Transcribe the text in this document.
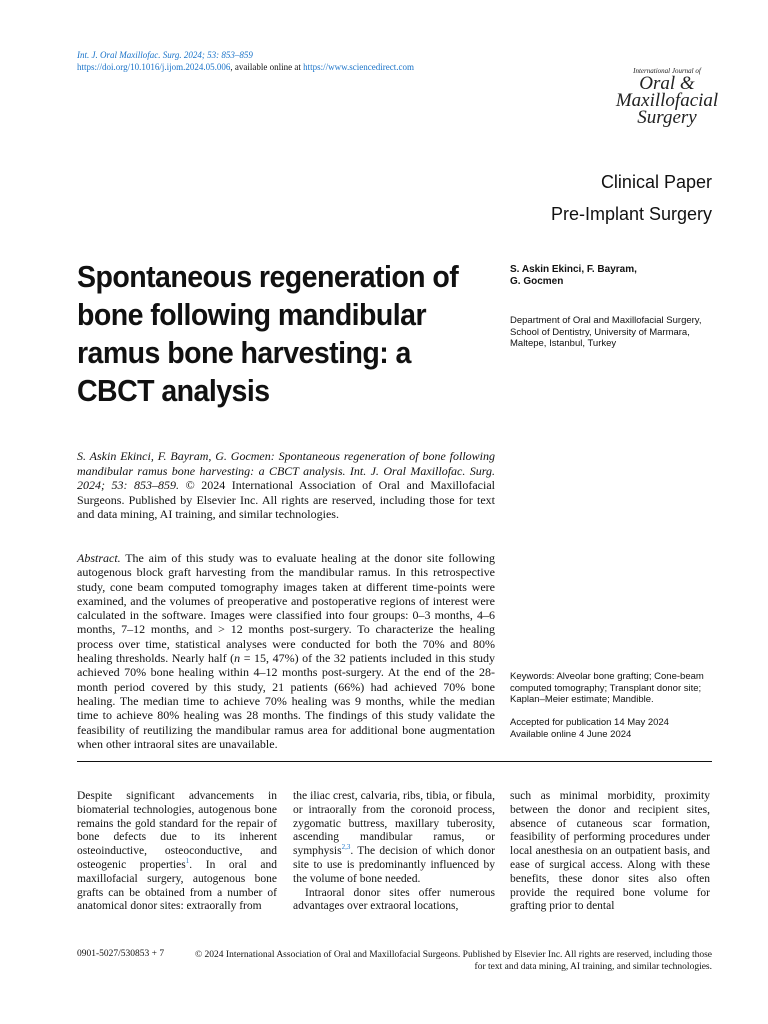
Int. J. Oral Maxillofac. Surg. 2024; 53: 853–859
https://doi.org/10.1016/j.ijom.2024.05.006, available online at https://www.sciencedirect.com	International Journal of
Oral &
Maxillofacial
Surgery
Clinical Paper
Pre-Implant Surgery
Spontaneous regeneration of bone following mandibular ramus bone harvesting: a CBCT analysis
S. Askin Ekinci, F. Bayram,
G. Gocmen
Department of Oral and Maxillofacial Surgery, School of Dentistry, University of Marmara, Maltepe, Istanbul, Turkey
S. Askin Ekinci, F. Bayram, G. Gocmen: Spontaneous regeneration of bone following mandibular ramus bone harvesting: a CBCT analysis. Int. J. Oral Maxillofac. Surg. 2024; 53: 853–859. © 2024 International Association of Oral and Maxillofacial Surgeons. Published by Elsevier Inc. All rights are reserved, including those for text and data mining, AI training, and similar technologies.
Abstract. The aim of this study was to evaluate healing at the donor site following autogenous block graft harvesting from the mandibular ramus. In this retrospective study, cone beam computed tomography images taken at different time-points were examined, and the volumes of preoperative and postoperative regions of interest were calculated in the software. Images were classified into four groups: 0–3 months, 4–6 months, 7–12 months, and > 12 months post-surgery. To characterize the healing process over time, statistical analyses were conducted for both the 70% and 80% healing thresholds. Nearly half (n = 15, 47%) of the 32 patients included in this study achieved 70% bone healing within 4–12 months post-surgery. At the end of the 28-month period covered by this study, 21 patients (66%) had achieved 70% bone healing. The median time to achieve 70% healing was 9 months, while the median time to achieve 80% healing was 28 months. The findings of this study validate the feasibility of reutilizing the mandibular ramus area for additional bone augmentation when other intraoral sites are unavailable.
Keywords: Alveolar bone grafting; Cone-beam computed tomography; Transplant donor site; Kaplan–Meier estimate; Mandible.
Accepted for publication 14 May 2024
Available online 4 June 2024

Despite significant advancements in biomaterial technologies, autogenous bone remains the gold standard for the repair of bone defects due to its inherent osteoinductive, osteoconductive, and osteogenic properties$^1$. In oral and maxillofacial surgery, autogenous bone grafts can be obtained from a number of anatomical donor sites: extraorally from

the iliac crest, calvaria, ribs, tibia, or fibula, or intraorally from the coronoid process, zygomatic buttress, maxillary tuberosity, ascending mandibular ramus, or symphysis$^{2,3}$. The decision of which donor site to use is predominantly influenced by the volume of bone needed.

Intraoral donor sites offer numerous advantages over extraoral locations,

such as minimal morbidity, proximity between the donor and recipient sites, absence of cutaneous scar formation, feasibility of performing procedures under local anesthesia on an outpatient basis, and ease of surgical access. Along with these benefits, these donor sites also often provide the required bone volume for grafting prior to dental

0901-5027/530853 + 7	© 2024 International Association of Oral and Maxillofacial Surgeons. Published by Elsevier Inc. All rights are reserved, including those for text and data mining, AI training, and similar technologies.
